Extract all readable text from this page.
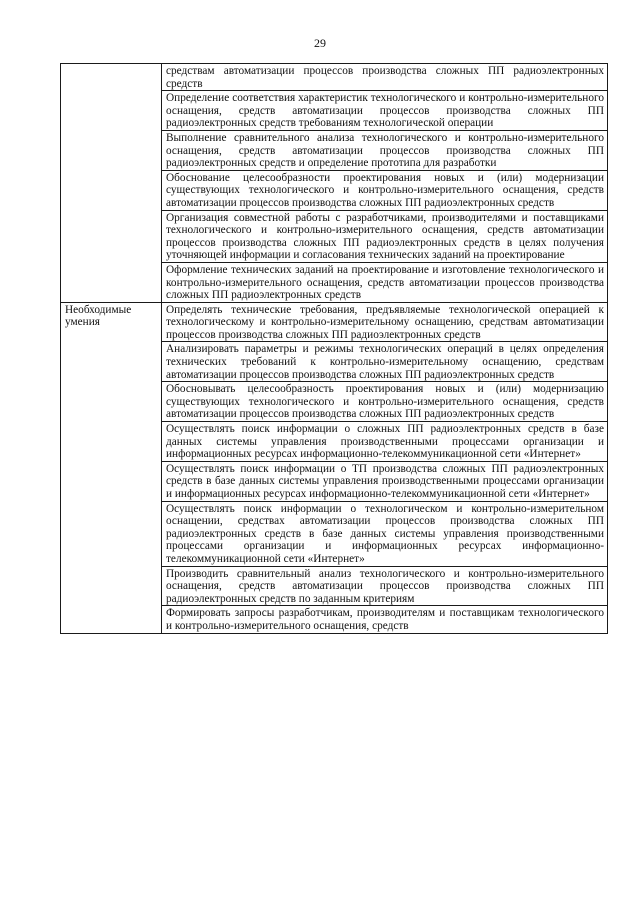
29
	средствам автоматизации процессов производства сложных ПП радиоэлектронных средств
	Определение соответствия характеристик технологического и контрольно-измерительного оснащения, средств автоматизации процессов производства сложных ПП радиоэлектронных средств требованиям технологической операции
	Выполнение сравнительного анализа технологического и контрольно-измерительного оснащения, средств автоматизации процессов производства сложных ПП радиоэлектронных средств и определение прототипа для разработки
	Обоснование целесообразности проектирования новых и (или) модернизации существующих технологического и контрольно-измерительного оснащения, средств автоматизации процессов производства сложных ПП радиоэлектронных средств
	Организация совместной работы с разработчиками, производителями и поставщиками технологического и контрольно-измерительного оснащения, средств автоматизации процессов производства сложных ПП радиоэлектронных средств в целях получения уточняющей информации и согласования технических заданий на проектирование
	Оформление технических заданий на проектирование и изготовление технологического и контрольно-измерительного оснащения, средств автоматизации процессов производства сложных ПП радиоэлектронных средств
Необходимые умения	Определять технические требования, предъявляемые технологической операцией к технологическому и контрольно-измерительному оснащению, средствам автоматизации процессов производства сложных ПП радиоэлектронных средств
	Анализировать параметры и режимы технологических операций в целях определения технических требований к контрольно-измерительному оснащению, средствам автоматизации процессов производства сложных ПП радиоэлектронных средств
	Обосновывать целесообразность проектирования новых и (или) модернизацию существующих технологического и контрольно-измерительного оснащения, средств автоматизации процессов производства сложных ПП радиоэлектронных средств
	Осуществлять поиск информации о сложных ПП радиоэлектронных средств в базе данных системы управления производственными процессами организации и информационных ресурсах информационно-телекоммуникационной сети «Интернет»
	Осуществлять поиск информации о ТП производства сложных ПП радиоэлектронных средств в базе данных системы управления производственными процессами организации и информационных ресурсах информационно-телекоммуникационной сети «Интернет»
	Осуществлять поиск информации о технологическом и контрольно-измерительном оснащении, средствах автоматизации процессов производства сложных ПП радиоэлектронных средств в базе данных системы управления производственными процессами организации и информационных ресурсах информационно-телекоммуникационной сети «Интернет»
	Производить сравнительный анализ технологического и контрольно-измерительного оснащения, средств автоматизации процессов производства сложных ПП радиоэлектронных средств по заданным критериям
	Формировать запросы разработчикам, производителям и поставщикам технологического и контрольно-измерительного оснащения, средств
